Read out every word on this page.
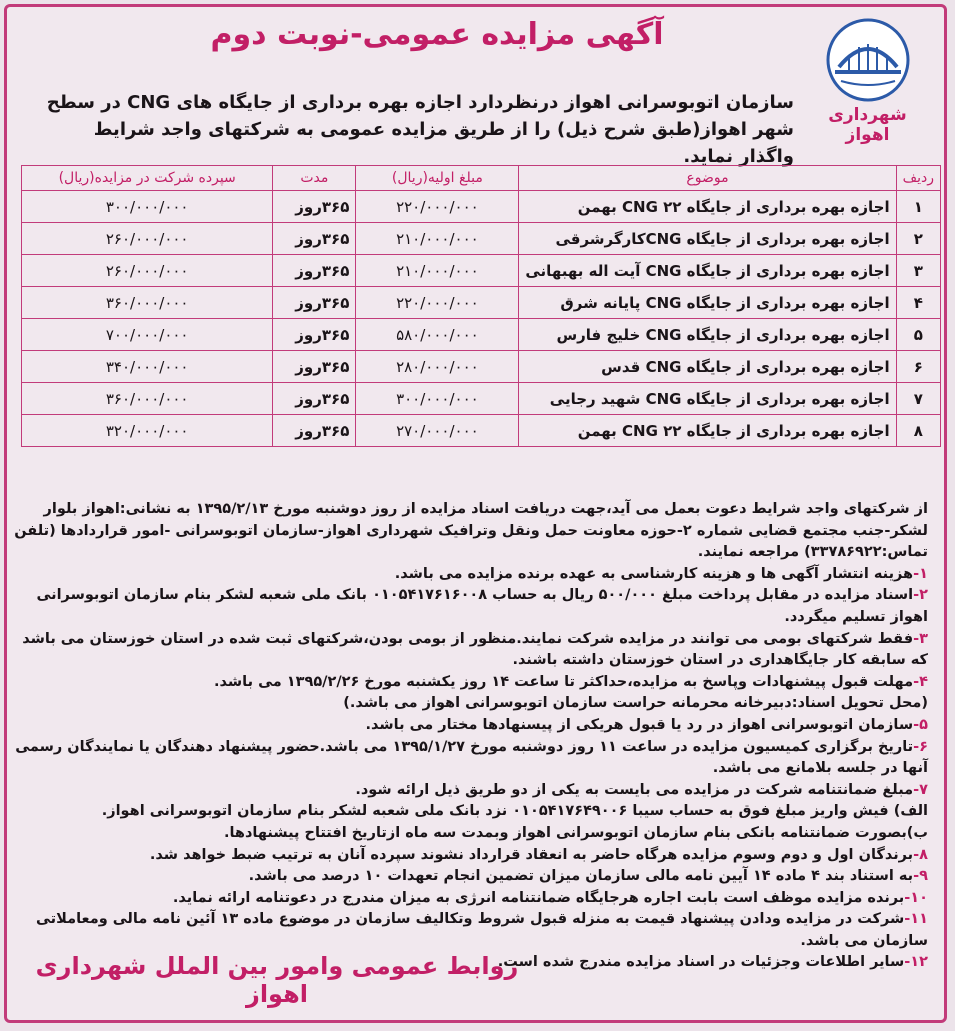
آگهی مزایده عمومی-نوبت دوم
شهرداری اهواز
سازمان اتوبوسرانی اهواز درنظردارد اجازه بهره برداری از جایگاه های CNG در سطح شهر اهواز(طبق شرح ذیل) را از طریق مزایده عمومی به شرکتهای واجد شرایط واگذار نماید.
ردیف	موضوع	مبلغ اولیه(ریال)	مدت	سپرده شرکت در مزایده(ریال)
۱	اجازه بهره برداری از جایگاه CNG ۲۲ بهمن	۲۲۰/۰۰۰/۰۰۰	۳۶۵روز	۳۰۰/۰۰۰/۰۰۰
۲	اجازه بهره برداری از جایگاه CNGکارگرشرقی	۲۱۰/۰۰۰/۰۰۰	۳۶۵روز	۲۶۰/۰۰۰/۰۰۰
۳	اجازه بهره برداری از جایگاه CNG آیت اله بهبهانی	۲۱۰/۰۰۰/۰۰۰	۳۶۵روز	۲۶۰/۰۰۰/۰۰۰
۴	اجازه بهره برداری از جایگاه CNG پایانه شرق	۲۲۰/۰۰۰/۰۰۰	۳۶۵روز	۳۶۰/۰۰۰/۰۰۰
۵	اجازه بهره برداری از جایگاه CNG خلیج فارس	۵۸۰/۰۰۰/۰۰۰	۳۶۵روز	۷۰۰/۰۰۰/۰۰۰
۶	اجازه بهره برداری از جایگاه CNG قدس	۲۸۰/۰۰۰/۰۰۰	۳۶۵روز	۳۴۰/۰۰۰/۰۰۰
۷	اجازه بهره برداری از جایگاه CNG شهید رجایی	۳۰۰/۰۰۰/۰۰۰	۳۶۵روز	۳۶۰/۰۰۰/۰۰۰
۸	اجازه بهره برداری از جایگاه CNG ۲۲ بهمن	۲۷۰/۰۰۰/۰۰۰	۳۶۵روز	۳۲۰/۰۰۰/۰۰۰

از شرکتهای واجد شرایط دعوت بعمل می آید،جهت دریافت اسناد مزایده از روز دوشنبه مورخ ۱۳۹۵/۲/۱۳ به نشانی:اهواز بلوار لشکر-جنب مجتمع قضایی شماره ۲-حوزه معاونت حمل ونقل وترافیک شهرداری اهواز-سازمان اتوبوسرانی -امور قراردادها (تلفن تماس:۳۳۷۸۶۹۲۲) مراجعه نمایند.

۱-هزینه انتشار آگهی ها و هزینه کارشناسی به عهده برنده مزایده می باشد.

۲-اسناد مزایده در مقابل پرداخت مبلغ ۵۰۰/۰۰۰ ریال به حساب ۰۱۰۵۴۱۷۶۱۶۰۰۸ بانک ملی شعبه لشکر بنام سازمان اتوبوسرانی اهواز تسلیم میگردد.

۳-فقط شرکتهای بومی می توانند در مزایده شرکت نمایند.منظور از بومی بودن،شرکتهای ثبت شده در استان خوزستان می باشد که سابقه کار جایگاهداری در استان خوزستان داشته باشند.

۴-مهلت قبول پیشنهادات وپاسخ به مزایده،حداکثر تا ساعت ۱۴ روز یکشنبه مورخ ۱۳۹۵/۲/۲۶ می باشد.

(محل تحویل اسناد:دبیرخانه محرمانه حراست سازمان اتوبوسرانی اهواز می باشد.)

۵-سازمان اتوبوسرانی اهواز در رد یا قبول هریکی از پیسنهادها مختار می باشد.

۶-تاریخ برگزاری کمیسیون مزایده در ساعت ۱۱ روز دوشنبه مورخ ۱۳۹۵/۱/۲۷ می باشد.حضور پیشنهاد دهندگان یا نمایندگان رسمی آنها در جلسه بلامانع می باشد.

۷-مبلغ ضمانتنامه شرکت در مزایده می بایست به یکی از دو طریق ذیل ارائه شود.

الف) فیش واریز مبلغ فوق به حساب سیبا ۰۱۰۵۴۱۷۶۴۹۰۰۶ نزد بانک ملی شعبه لشکر بنام سازمان اتوبوسرانی اهواز.

ب)بصورت ضمانتنامه بانکی بنام سازمان اتوبوسرانی اهواز وبمدت سه ماه ازتاریخ افتتاح پیشنهادها.

۸-برندگان اول و دوم وسوم مزایده هرگاه حاضر به انعقاد قرارداد نشوند سپرده آنان به ترتیب ضبط خواهد شد.

۹-به استناد بند ۴ ماده ۱۴ آیین نامه مالی سازمان میزان تضمین انجام تعهدات ۱۰ درصد می باشد.

۱۰-برنده مزایده موظف است بابت اجاره هرجایگاه ضمانتنامه انرژی به میزان مندرج در دعوتنامه ارائه نماید.

۱۱-شرکت در مزایده ودادن پیشنهاد قیمت به منزله قبول شروط وتکالیف سازمان در موضوع ماده ۱۳ آئین نامه مالی ومعاملاتی سازمان می باشد.

۱۲-سایر اطلاعات وجزئیات در اسناد مزایده مندرج شده است.

روابط عمومی وامور بین الملل شهرداری اهواز
